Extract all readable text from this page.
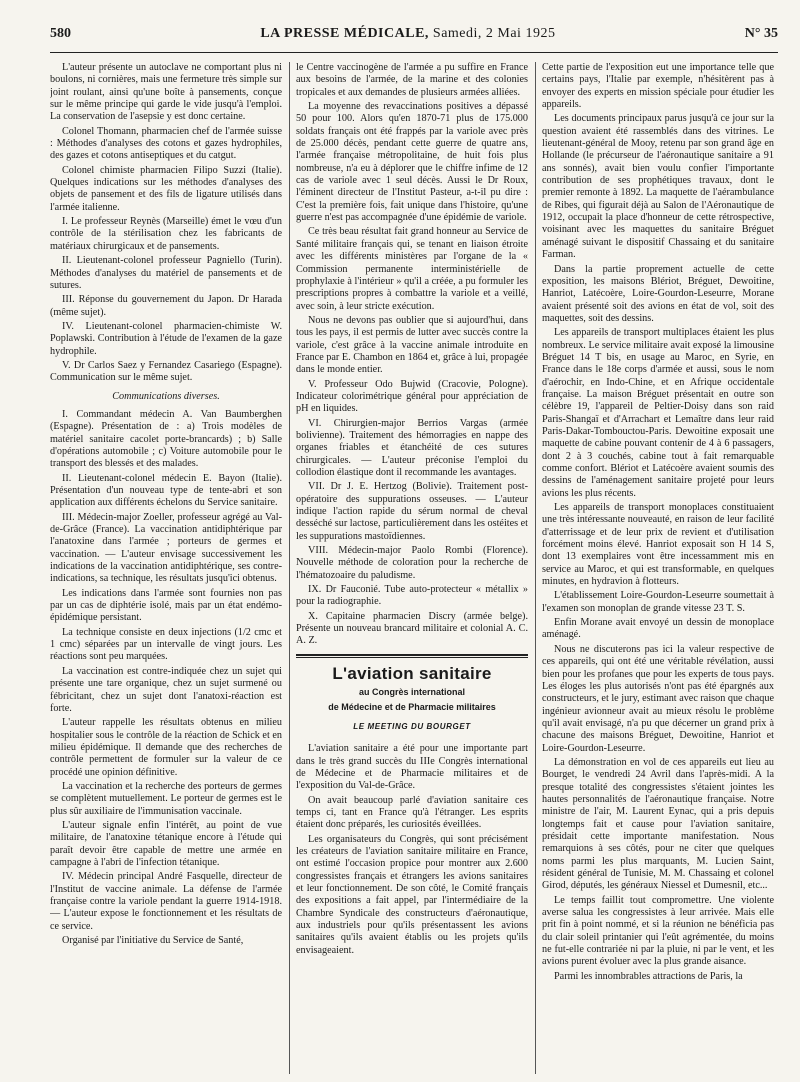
580	LA PRESSE MÉDICALE, Samedi, 2 Mai 1925	N° 35

L'auteur présente un autoclave ne comportant plus ni boulons, ni cornières, mais une fermeture très simple sur joint roulant, ainsi qu'une boîte à pansements, conçue sur le même principe qui garde le vide jusqu'à l'emploi. La conservation de l'asepsie y est donc certaine.

Colonel Thomann, pharmacien chef de l'armée suisse : Méthodes d'analyses des cotons et gazes hydrophiles, des gazes et cotons antiseptiques et du catgut.

Colonel chimiste pharmacien Filipo Suzzi (Italie). Quelques indications sur les méthodes d'analyses des objets de pansement et des fils de ligature utilisés dans l'armée italienne.

I. Le professeur Reynès (Marseille) émet le vœu d'un contrôle de la stérilisation chez les fabricants de matériaux chirurgicaux et de pansements.

II. Lieutenant-colonel professeur Pagniello (Turin). Méthodes d'analyses du matériel de pansements et de sutures.

III. Réponse du gouvernement du Japon. Dr Harada (même sujet).

IV. Lieutenant-colonel pharmacien-chimiste W. Poplawski. Contribution à l'étude de l'examen de la gaze hydrophile.

V. Dr Carlos Saez y Fernandez Casariego (Espagne). Communication sur le même sujet.

Communications diverses.

I. Commandant médecin A. Van Baumberghen (Espagne). Présentation de : a) Trois modèles de matériel sanitaire cacolet porte-brancards) ; b) Salle d'opérations automobile ; c) Voiture automobile pour le transport des blessés et des malades.

II. Lieutenant-colonel médecin E. Bayon (Italie). Présentation d'un nouveau type de tente-abri et son application aux différents échelons du Service sanitaire.

III. Médecin-major Zoeller, professeur agrégé au Val-de-Grâce (France). La vaccination antidiphtérique par l'anatoxine dans l'armée ; porteurs de germes et vaccination. — L'auteur envisage successivement les indications de la vaccination antidiphtérique, ses contre-indications, sa technique, les résultats jusqu'ici obtenus.

Les indications dans l'armée sont fournies non pas par un cas de diphtérie isolé, mais par un état endémo-épidémique persistant.

La technique consiste en deux injections (1/2 cmc et 1 cmc) séparées par un intervalle de vingt jours. Les réactions sont peu marquées.

La vaccination est contre-indiquée chez un sujet qui présente une tare organique, chez un sujet surmené ou fébricitant, chez un sujet dont l'anatoxi-réaction est forte.

L'auteur rappelle les résultats obtenus en milieu hospitalier sous le contrôle de la réaction de Schick et en milieu épidémique. Il demande que des recherches de contrôle permettent de formuler sur la valeur de ce procédé une opinion définitive.

La vaccination et la recherche des porteurs de germes se complètent mutuellement. Le porteur de germes est le plus sûr auxiliaire de l'immunisation vaccinale.

L'auteur signale enfin l'intérêt, au point de vue militaire, de l'anatoxine tétanique encore à l'étude qui paraît devoir être capable de mettre une armée en campagne à l'abri de l'infection tétanique.

IV. Médecin principal André Fasquelle, directeur de l'Institut de vaccine animale. La défense de l'armée française contre la variole pendant la guerre 1914-1918. — L'auteur expose le fonctionnement et les résultats de ce service.

Organisé par l'initiative du Service de Santé,

le Centre vaccinogène de l'armée a pu suffire en France aux besoins de l'armée, de la marine et des colonies tropicales et aux demandes de plusieurs armées alliées.

La moyenne des revaccinations positives a dépassé 50 pour 100. Alors qu'en 1870-71 plus de 175.000 soldats français ont été frappés par la variole avec près de 25.000 décès, pendant cette guerre de quatre ans, l'armée française métropolitaine, de huit fois plus nombreuse, n'a eu à déplorer que le chiffre infime de 12 cas de variole avec 1 seul décès. Aussi le Dr Roux, l'éminent directeur de l'Institut Pasteur, a-t-il pu dire : C'est la première fois, fait unique dans l'histoire, qu'une guerre n'est pas accompagnée d'une épidémie de variole.

Ce très beau résultat fait grand honneur au Service de Santé militaire français qui, se tenant en liaison étroite avec les différents ministères par l'organe de la « Commission permanente interministérielle de prophylaxie à l'intérieur » qu'il a créée, a pu formuler les prescriptions propres à combattre la variole et a veillé, avec soin, à leur stricte exécution.

Nous ne devons pas oublier que si aujourd'hui, dans tous les pays, il est permis de lutter avec succès contre la variole, c'est grâce à la vaccine animale introduite en France par E. Chambon en 1864 et, grâce à lui, propagée dans le monde entier.

V. Professeur Odo Bujwid (Cracovie, Pologne). Indicateur colorimétrique général pour appréciation de pH en liquides.

VI. Chirurgien-major Berrios Vargas (armée bolivienne). Traitement des hémorragies en nappe des organes friables et étanchéité de ces sutures chirurgicales. — L'auteur préconise l'emploi du collodion élastique dont il recommande les avantages.

VII. Dr J. E. Hertzog (Bolivie). Traitement post-opératoire des suppurations osseuses. — L'auteur indique l'action rapide du sérum normal de cheval desséché sur lactose, particulièrement dans les ostéites et les suppurations mastoïdiennes.

VIII. Médecin-major Paolo Rombi (Florence). Nouvelle méthode de coloration pour la recherche de l'hématozoaire du paludisme.

IX. Dr Fauconié. Tube auto-protecteur « métallix » pour la radiographie.

X. Capitaine pharmacien Discry (armée belge). Présente un nouveau brancard militaire et colonial A. C. A. Z.

L'aviation sanitaire
au Congrès international
de Médecine et de Pharmacie militaires
LE MEETING DU BOURGET

L'aviation sanitaire a été pour une importante part dans le très grand succès du IIIe Congrès international de Médecine et de Pharmacie militaires et de l'exposition du Val-de-Grâce.

On avait beaucoup parlé d'aviation sanitaire ces temps ci, tant en France qu'à l'étranger. Les esprits étaient donc préparés, les curiosités éveillées.

Les organisateurs du Congrès, qui sont précisément les créateurs de l'aviation sanitaire militaire en France, ont estimé l'occasion propice pour montrer aux 2.600 congressistes français et étrangers les avions sanitaires et leur fonctionnement. De son côté, le Comité français des expositions a fait appel, par l'intermédiaire de la Chambre Syndicale des constructeurs d'aéronautique, aux industriels pour qu'ils présentassent les avions sanitaires qu'ils avaient établis ou les projets qu'ils envisageaient.

Cette partie de l'exposition eut une importance telle que certains pays, l'Italie par exemple, n'hésitèrent pas à envoyer des experts en mission spéciale pour étudier les appareils.

Les documents principaux parus jusqu'à ce jour sur la question avaient été rassemblés dans des vitrines. Le lieutenant-général de Mooy, retenu par son grand âge en Hollande (le précurseur de l'aéronautique sanitaire a 91 ans sonnés), avait bien voulu confier l'importante contribution de ses prophétiques travaux, dont le premier remonte à 1892. La maquette de l'aérambulance de Ribes, qui figurait déjà au Salon de l'Aéronautique de 1912, occupait la place d'honneur de cette rétrospective, voisinant avec les maquettes du sanitaire Bréguet aménagé suivant le dispositif Chassaing et du sanitaire Farman.

Dans la partie proprement actuelle de cette exposition, les maisons Blériot, Bréguet, Dewoitine, Hanriot, Latécoère, Loire-Gourdon-Leseurre, Morane avaient présenté soit des avions en état de vol, soit des maquettes, soit des dessins.

Les appareils de transport multiplaces étaient les plus nombreux. Le service militaire avait exposé la limousine Bréguet 14 T bis, en usage au Maroc, en Syrie, en France dans le 18e corps d'armée et aussi, sous le nom d'aérochir, en Indo-Chine, et en Afrique occidentale française. La maison Bréguet présentait en outre son célèbre 19, l'appareil de Peltier-Doisy dans son raid Paris-Shangaï et d'Arrachart et Lemaître dans leur raid Paris-Dakar-Tombouctou-Paris. Dewoitine exposait une maquette de cabine pouvant contenir de 4 à 6 passagers, dont 2 à 3 couchés, cabine tout à fait remarquable comme confort. Blériot et Latécoère avaient soumis des dessins de l'aménagement sanitaire projeté pour leurs avions les plus récents.

Les appareils de transport monoplaces constituaient une très intéressante nouveauté, en raison de leur facilité d'atterrissage et de leur prix de revient et d'utilisation forcément moins élevé. Hanriot exposait son H 14 S, dont 13 exemplaires vont être incessamment mis en service au Maroc, et qui est transformable, en quelques minutes, en hydravion à flotteurs.

L'établissement Loire-Gourdon-Leseurre soumettait à l'examen son monoplan de grande vitesse 23 T. S.

Enfin Morane avait envoyé un dessin de monoplace aménagé.

Nous ne discuterons pas ici la valeur respective de ces appareils, qui ont été une véritable révélation, aussi bien pour les profanes que pour les experts de tous pays. Les éloges les plus autorisés n'ont pas été épargnés aux constructeurs, et le jury, estimant avec raison que chaque ingénieur avionneur avait au mieux résolu le problème qu'il avait envisagé, n'a pu que décerner un grand prix à chacune des maisons Bréguet, Dewoitine, Hanriot et Loire-Gourdon-Leseurre.

La démonstration en vol de ces appareils eut lieu au Bourget, le vendredi 24 Avril dans l'après-midi. A la presque totalité des congressistes s'étaient jointes les hautes personnalités de l'aéronautique française. Notre ministre de l'air, M. Laurent Eynac, qui a pris depuis longtemps fait et cause pour l'aviation sanitaire, présidait cette importante manifestation. Nous remarquions à ses côtés, pour ne citer que quelques noms parmi les plus marquants, M. Lucien Saint, résident général de Tunisie, M. M. Chassaing et colonel Girod, députés, les généraux Niessel et Dumesnil, etc...

Le temps faillit tout compromettre. Une violente averse salua les congressistes à leur arrivée. Mais elle prit fin à point nommé, et si la réunion ne bénéficia pas du clair soleil printanier qui l'eût agrémentée, du moins ne fut-elle contrariée ni par la pluie, ni par le vent, et les avions purent évoluer avec la plus grande aisance.

Parmi les innombrables attractions de Paris, la
